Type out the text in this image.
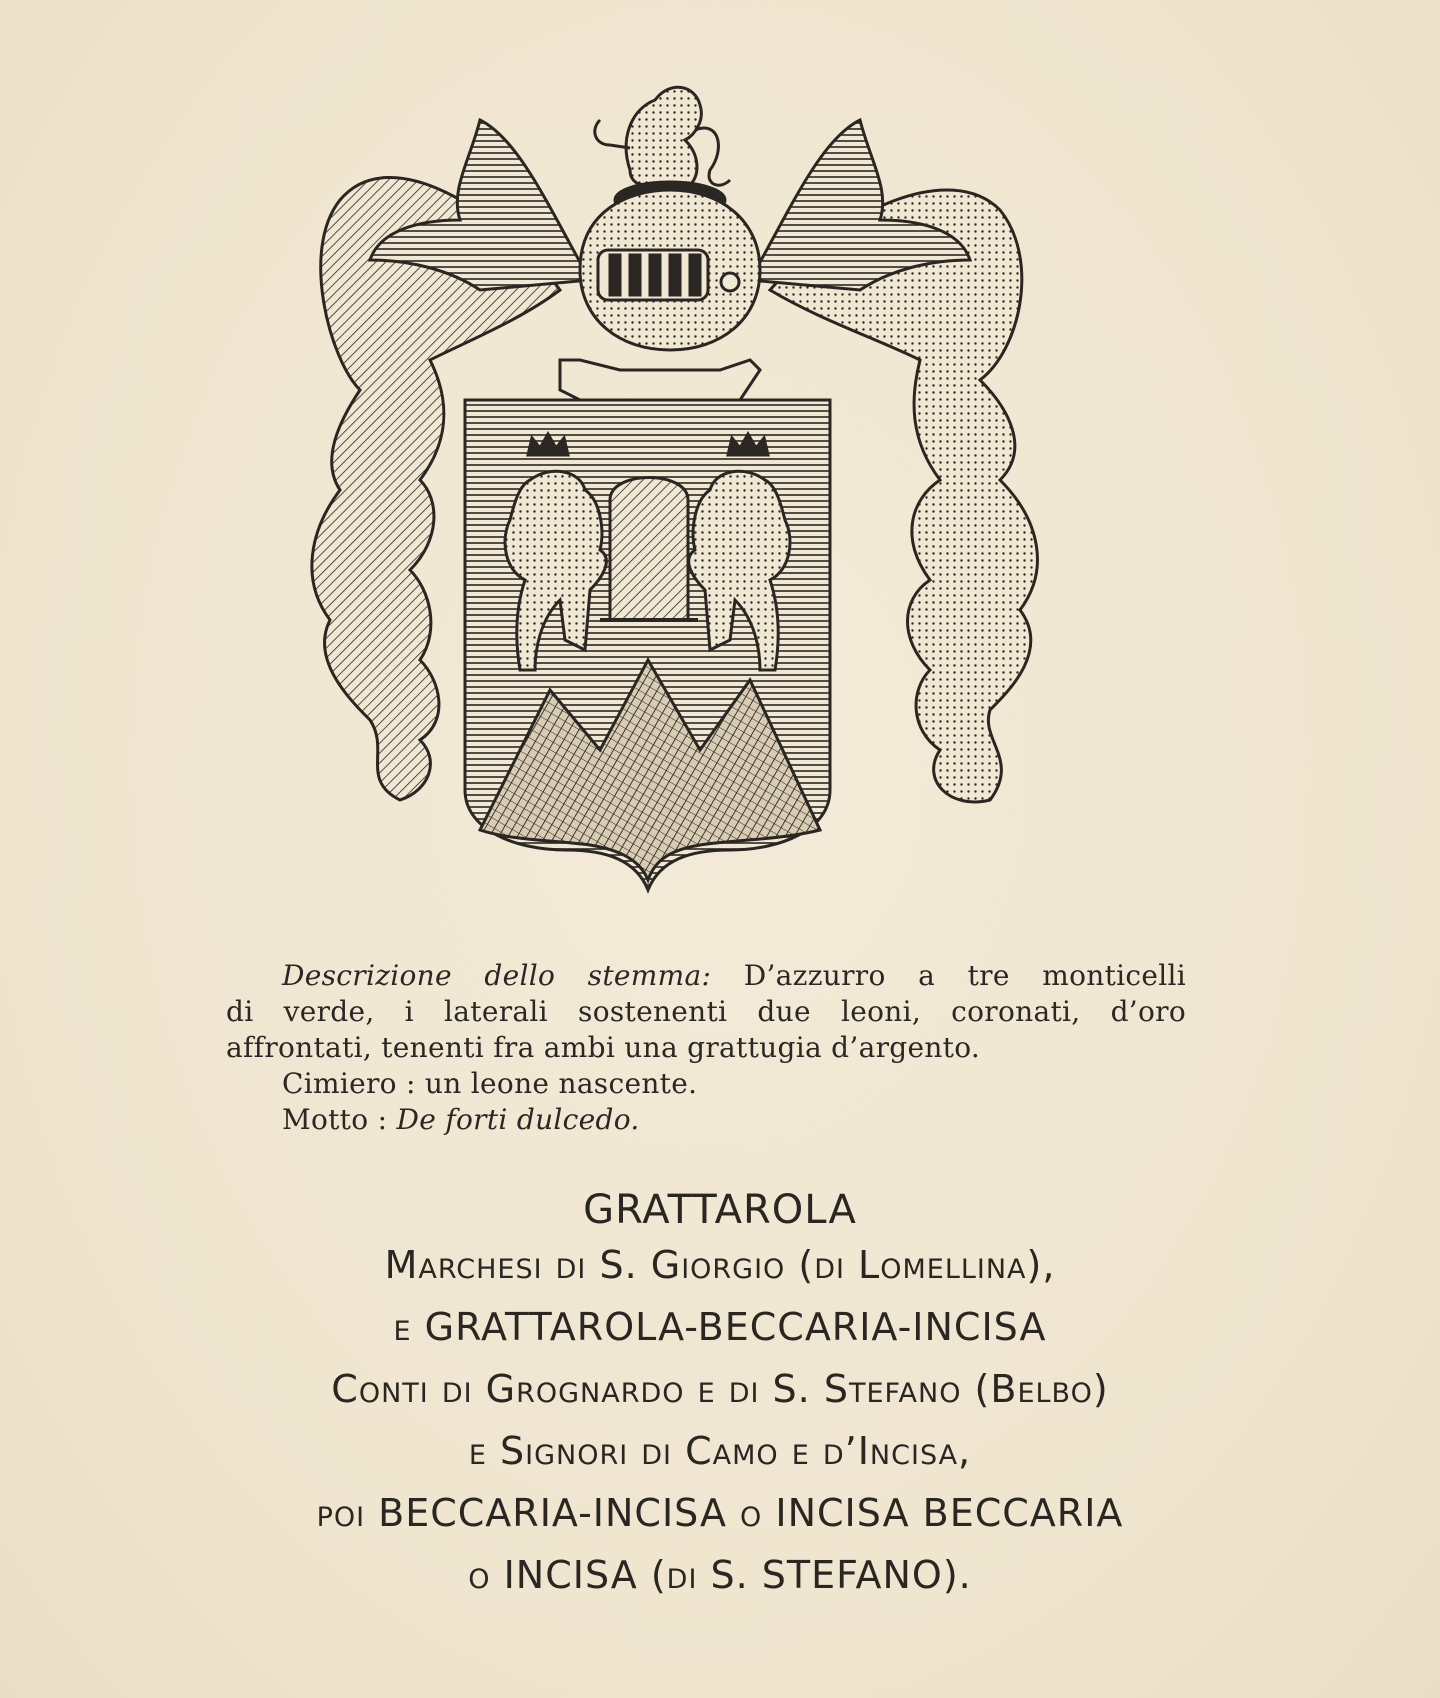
Descrizione dello stemma: D’azzurro a tre monticelli

di verde, i laterali sostenenti due leoni, coronati, d’oro

affrontati, tenenti fra ambi una grattugia d’argento.

Cimiero : un leone nascente.

Motto : De forti dulcedo.

GRATTAROLA
Marchesi di S. Giorgio (di Lomellina),
e GRATTAROLA-BECCARIA-INCISA
Conti di Grognardo e di S. Stefano (Belbo)
e Signori di Camo e d’Incisa,
poi BECCARIA-INCISA o INCISA BECCARIA
o INCISA (di S. STEFANO).
